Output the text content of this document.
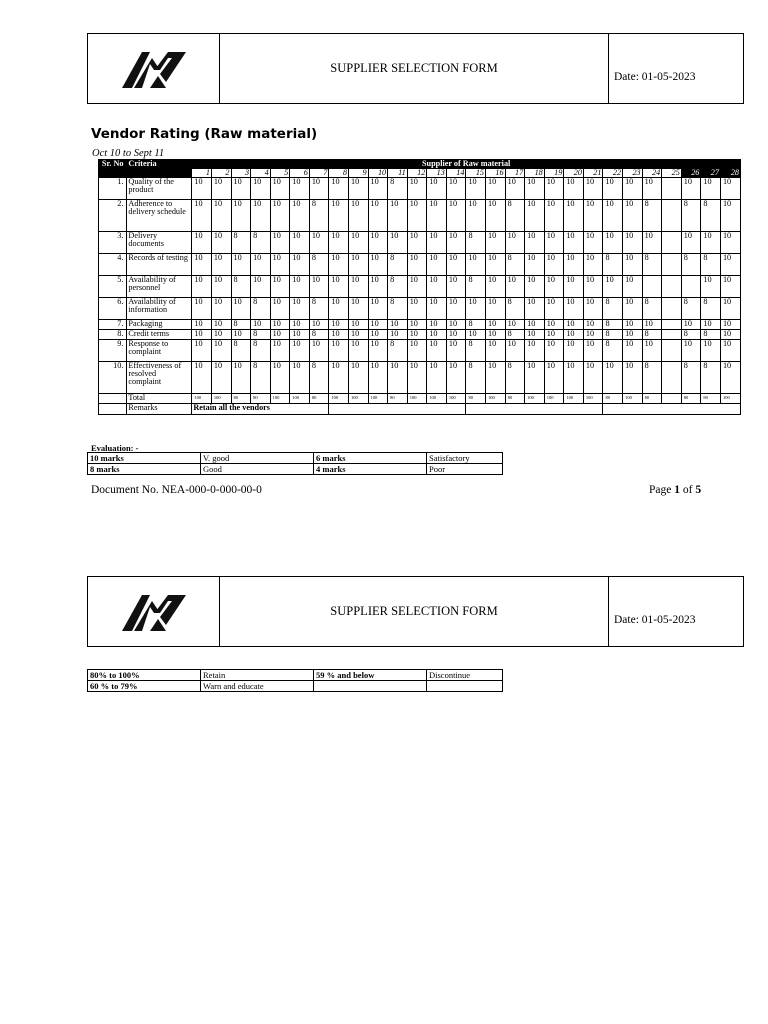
SUPPLIER SELECTION FORM
Date: 01-05-2023
Vendor Rating (Raw material)
Oct 10 to Sept 11
Sr. No	Criteria	Supplier of Raw material																											
		1	2	3	4	5	6	7	8	9	10	11	12	13	14	15	16	17	18	19	20	21	22	23	24	25	26	27	28
1.	Quality of the product	10	10	10	10	10	10	10	10	10	10	8	10	10	10	10	10	10	10	10	10	10	10	10	10		10	10	10
2.	Adherence to delivery schedule	10	10	10	10	10	10	8	10	10	10	10	10	10	10	10	10	8	10	10	10	10	10	10	8		8	8	10
3.	Delivery documents	10	10	8	8	10	10	10	10	10	10	10	10	10	10	8	10	10	10	10	10	10	10	10	10		10	10	10
4.	Records of testing	10	10	10	10	10	10	8	10	10	10	8	10	10	10	10	10	8	10	10	10	10	8	10	8		8	8	10
5.	Availability of personnel	10	10	8	10	10	10	10	10	10	10	8	10	10	10	8	10	10	10	10	10	10	10	10				10	10
6.	Availability of information	10	10	10	8	10	10	8	10	10	10	8	10	10	10	10	10	8	10	10	10	10	8	10	8		8	8	10
7.	Packaging	10	10	8	10	10	10	10	10	10	10	10	10	10	10	8	10	10	10	10	10	10	8	10	10		10	10	10
8.	Credit terms	10	10	10	8	10	10	8	10	10	10	10	10	10	10	10	10	8	10	10	10	10	8	10	8		8	8	10
9.	Response to complaint	10	10	8	8	10	10	10	10	10	10	8	10	10	10	8	10	10	10	10	10	10	8	10	10		10	10	10
10.	Effectiveness of resolved complaint	10	10	10	8	10	10	8	10	10	10	10	10	10	10	8	10	8	10	10	10	10	10	10	8		8	8	10
	Total	100	100	80	80	100	100	80	100	100	100	80	100	100	100	80	100	80	100	100	100	100	80	100	80		80	80	100
	Remarks	Retain all the vendors																											
Evaluation: -
10 marks	V. good	6 marks	Satisfactory
8 marks	Good	4 marks	Poor
Document No. NEA-000-0-000-00-0	Page 1 of 5
SUPPLIER SELECTION FORM
Date: 01-05-2023
80% to 100%	Retain	59 % and below	Discontinue
60 % to 79%	Warn and educate		
